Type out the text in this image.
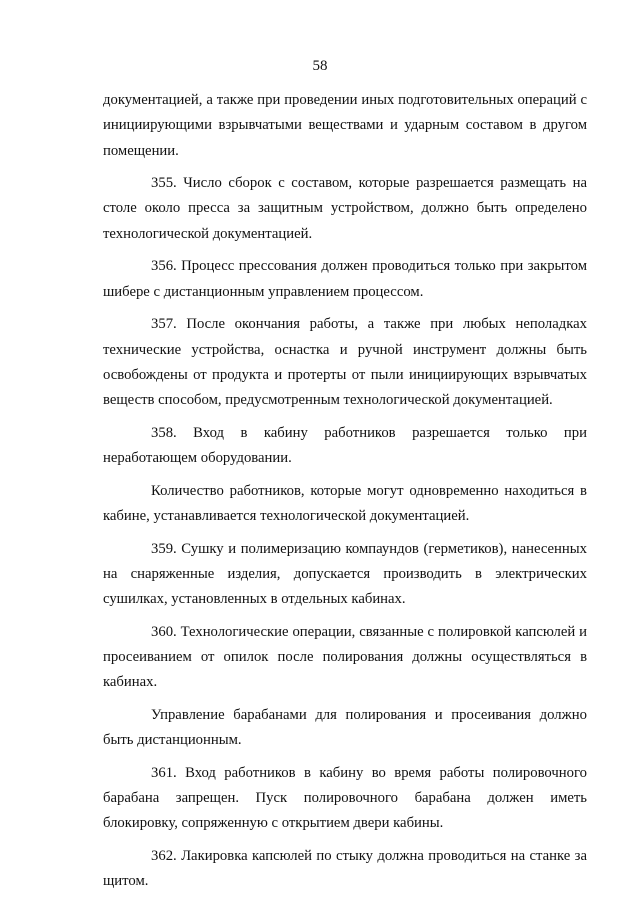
58

документацией, а также при проведении иных подготовительных операций с инициирующими взрывчатыми веществами и ударным составом в другом помещении.

355. Число сборок с составом, которые разрешается размещать на столе около пресса за защитным устройством, должно быть определено технологической документацией.

356. Процесс прессования должен проводиться только при закрытом шибере с дистанционным управлением процессом.

357. После окончания работы, а также при любых неполадках технические устройства, оснастка и ручной инструмент должны быть освобождены от продукта и протерты от пыли инициирующих взрывчатых веществ способом, предусмотренным технологической документацией.

358. Вход в кабину работников разрешается только при неработающем оборудовании.

Количество работников, которые могут одновременно находиться в кабине, устанавливается технологической документацией.

359. Сушку и полимеризацию компаундов (герметиков), нанесенных на снаряженные изделия, допускается производить в электрических сушилках, установленных в отдельных кабинах.

360. Технологические операции, связанные с полировкой капсюлей и просеиванием от опилок после полирования должны осуществляться в кабинах.

Управление барабанами для полирования и просеивания должно быть дистанционным.

361. Вход работников в кабину во время работы полировочного барабана запрещен. Пуск полировочного барабана должен иметь блокировку, сопряженную с открытием двери кабины.

362. Лакировка капсюлей по стыку должна проводиться на станке за щитом.
